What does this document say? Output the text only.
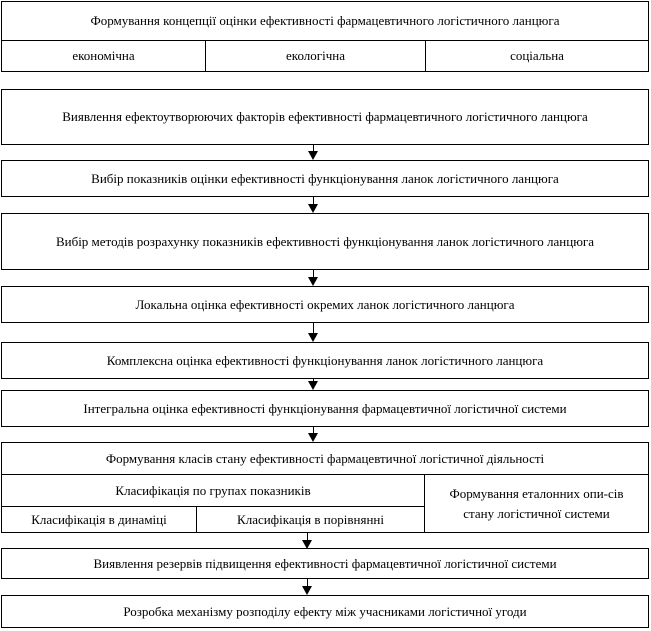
Формування концепції оцінки ефективності фармацевтичного логістичного ланцюга
економічна	екологічна	соціальна
Виявлення ефектоутворюючих факторів ефективності фармацевтичного логістичного ланцюга
Вибір показників оцінки ефективності функціонування ланок логістичного ланцюга
Вибір методів розрахунку показників ефективності функціонування ланок логістичного ланцюга
Локальна оцінка ефективності окремих ланок логістичного ланцюга
Комплексна оцінка ефективності функціонування ланок логістичного ланцюга
Інтегральна оцінка ефективності функціонування фармацевтичної логістичної системи
Формування класів стану ефективності фармацевтичної логістичної діяльності
Класифікація по групах показників
Класифікація в динаміці	Класифікація в порівнянні
Формування еталонних опи-сів стану логістичної системи
Виявлення резервів підвищення ефективності фармацевтичної логістичної системи
Розробка механізму розподілу ефекту між учасниками логістичної угоди
